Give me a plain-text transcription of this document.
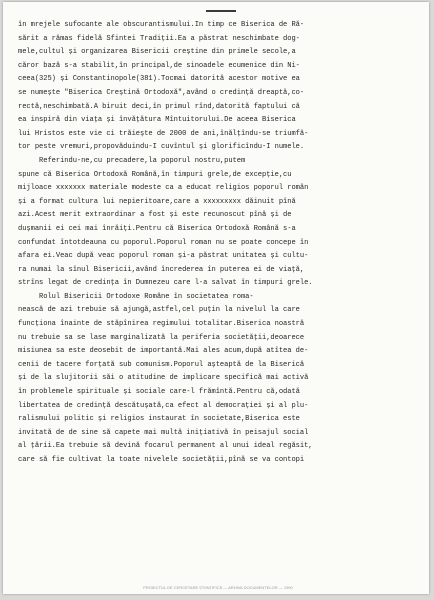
în mrejele sufocante ale obscurantismului.In timp ce Biserica de Ră-
sărit a rămas fidelă Sfintei Tradiții.Ea a păstrat neschimbate dog-
mele,cultul și organizarea Bisericii creștine din primele secole,a
căror bază s-a stabilit,în principal,de sinoadele ecumenice din Ni-
ceea(325) și Constantinopole(381).Tocmai datorită acestor motive ea
se numește "Biserica Creștină Ortodoxă",având o credință dreaptă,co-
rectă,neschimbată.A biruit deci,în primul rînd,datorită faptului că
ea inspiră din viața și învățătura Mîntuitorului.De aceea Biserica
lui Hristos este vie ci trăiește de 2000 de ani,înălțîndu-se triumfă-
tor peste vremuri,propovăduindu-I cuvîntul și glorificîndu-I numele.
Referindu-ne,cu precadere,la poporul nostru,putem
spune că Biserica Ortodoxă Română,în timpuri grele,de excepție,cu
mijloace xxxxxxx materiale modeste ca a educat religios poporul român
și a format cultura lui nepieritoare,care a xxxxxxxxx dăinuit pînă
azi.Acest merit extraordinar a fost și este recunoscut pînă și de
dușmanii ei cei mai înrăiți.Pentru că Biserica Ortodoxă Română s-a
confundat întotdeauna cu poporul.Poporul roman nu se poate concepe în
afara ei.Veac după veac poporul roman și-a păstrat unitatea și cultu-
ra numai la sînul Bisericii,având încrederea în puterea ei de viață,
strîns legat de credința în Dumnezeu care l-a salvat în timpuri grele.
Rolul Bisericii Ortodoxe Române în societatea roma-
nească de azi trebuie să ajungă,astfel,cel puțin la nivelul la care
funcționa înainte de stăpînirea regimului totalitar.Biserica noastră
nu trebuie sa se lase marginalizată la periferia societății,deoarece
misiunea sa este deosebit de importantă.Mai ales acum,după atîtea de-
cenii de tacere forțată sub comunism.Poporul așteaptă de la Biserică
și de la slujitorii săi o atitudine de implicare specifică mai activă
în problemele spirituale și sociale care-l frămîntă.Pentru că,odată
libertatea de credință descătușată,ca efect al democrației și al plu-
ralismului politic și religios instaurat în societate,Biserica este
invitată de de sine să capete mai multă inițiativă în peisajul social
al țării.Ea trebuie să devină focarul permanent al unui ideal regăsit,
care să fie cultivat la toate nivelele societății,pînă se va contopi
PROIECTUL DE CERCETARE ȘTIINȚIFICĂ — ARHIVA DOCUMENTELOR — 1990
